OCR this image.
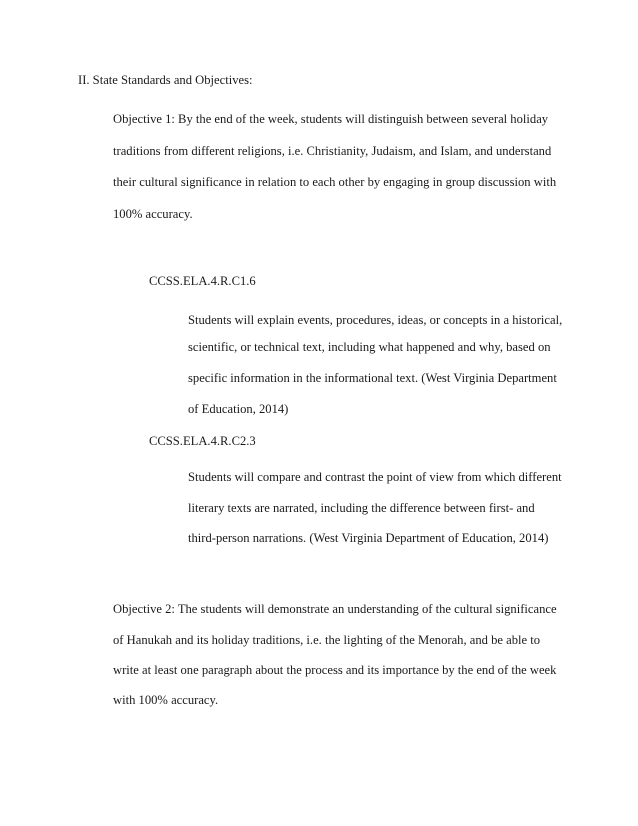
II. State Standards and Objectives:
Objective 1: By the end of the week, students will distinguish between several holiday
traditions from different religions, i.e. Christianity, Judaism, and Islam, and understand
their cultural significance in relation to each other by engaging in group discussion with
100% accuracy.
CCSS.ELA.4.R.C1.6
Students will explain events, procedures, ideas, or concepts in a historical,
scientific, or technical text, including what happened and why, based on
specific information in the informational text. (West Virginia Department
of Education, 2014)
CCSS.ELA.4.R.C2.3
Students will compare and contrast the point of view from which different
literary texts are narrated, including the difference between first- and
third-person narrations. (West Virginia Department of Education, 2014)
Objective 2: The students will demonstrate an understanding of the cultural significance
of Hanukah and its holiday traditions, i.e. the lighting of the Menorah, and be able to
write at least one paragraph about the process and its importance by the end of the week
with 100% accuracy.
